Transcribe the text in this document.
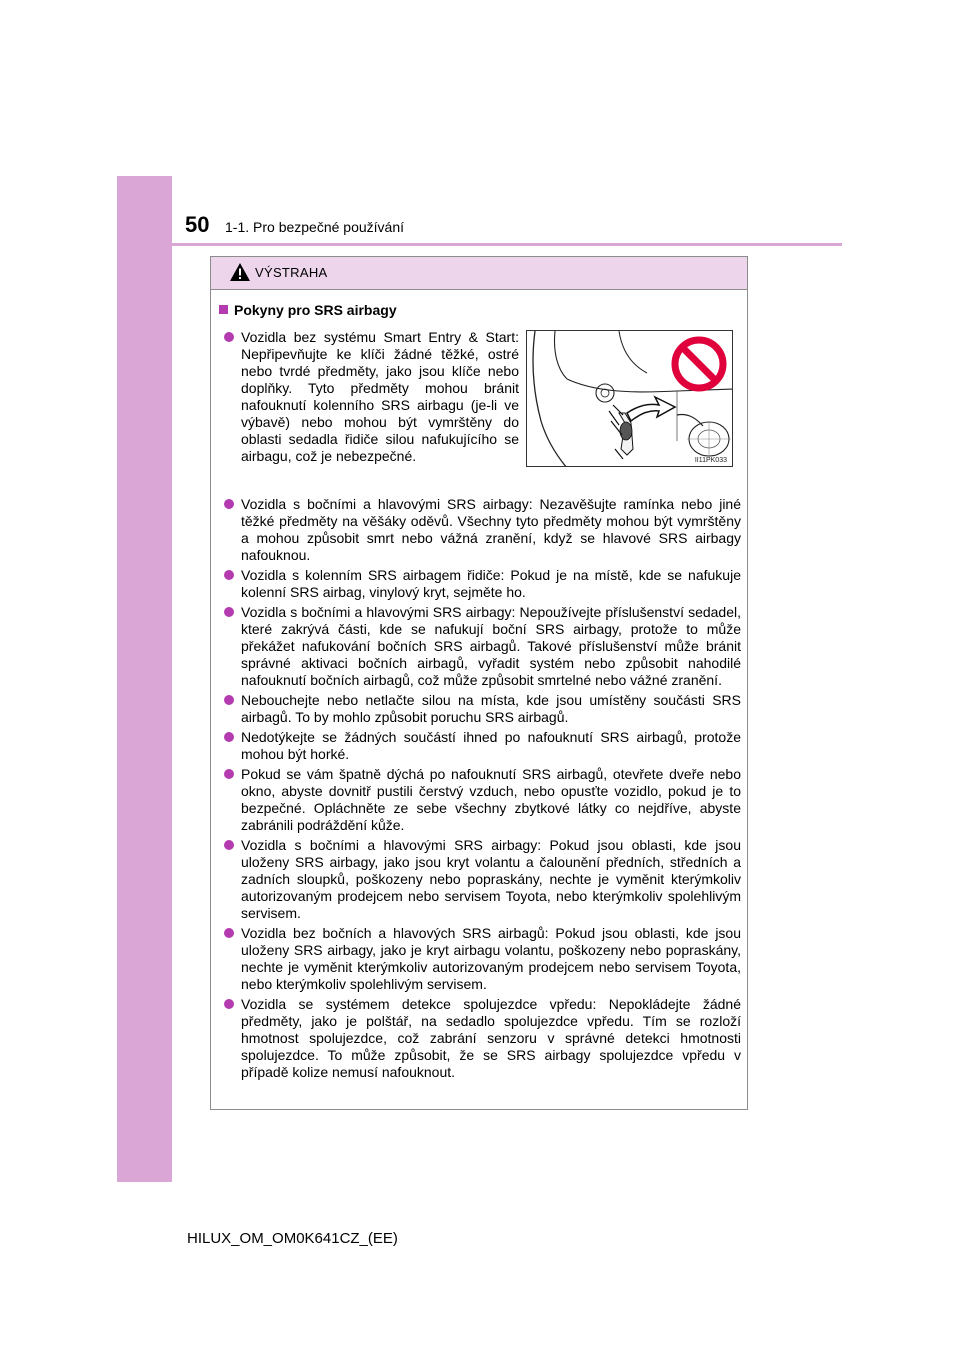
50 1-1. Pro bezpečné používání
VÝSTRAHA
Pokyny pro SRS airbagy
Vozidla bez systému Smart Entry & Start: Nepřipevňujte ke klíči žádné těžké, ostré nebo tvrdé předměty, jako jsou klíče nebo doplňky. Tyto předměty mohou bránit nafouknutí kolenního SRS airbagu (je-li ve výbavě) nebo mohou být vymrštěny do oblasti sedadla řidiče silou nafukujícího se airbagu, což je nebezpečné.
Vozidla s bočními a hlavovými SRS airbagy: Nezavěšujte ramínka nebo jiné těžké předměty na věšáky oděvů. Všechny tyto předměty mohou být vymrštěny a mohou způsobit smrt nebo vážná zranění, když se hlavové SRS airbagy nafouknou.
Vozidla s kolenním SRS airbagem řidiče: Pokud je na místě, kde se nafukuje kolenní SRS airbag, vinylový kryt, sejměte ho.
Vozidla s bočními a hlavovými SRS airbagy: Nepoužívejte příslušenství sedadel, které zakrývá části, kde se nafukují boční SRS airbagy, protože to může překážet nafukování bočních SRS airbagů. Takové příslušenství může bránit správné aktivaci bočních airbagů, vyřadit systém nebo způsobit nahodilé nafouknutí bočních airbagů, což může způsobit smrtelné nebo vážné zranění.
Nebouchejte nebo netlačte silou na místa, kde jsou umístěny součásti SRS airbagů. To by mohlo způsobit poruchu SRS airbagů.
Nedotýkejte se žádných součástí ihned po nafouknutí SRS airbagů, protože mohou být horké.
Pokud se vám špatně dýchá po nafouknutí SRS airbagů, otevřete dveře nebo okno, abyste dovnitř pustili čerstvý vzduch, nebo opusťte vozidlo, pokud je to bezpečné. Opláchněte ze sebe všechny zbytkové látky co nejdříve, abyste zabránili podráždění kůže.
Vozidla s bočními a hlavovými SRS airbagy: Pokud jsou oblasti, kde jsou uloženy SRS airbagy, jako jsou kryt volantu a čalounění předních, středních a zadních sloupků, poškozeny nebo popraskány, nechte je vyměnit kterýmkoliv autorizovaným prodejcem nebo servisem Toyota, nebo kterýmkoliv spolehlivým servisem.
Vozidla bez bočních a hlavových SRS airbagů: Pokud jsou oblasti, kde jsou uloženy SRS airbagy, jako je kryt airbagu volantu, poškozeny nebo popraskány, nechte je vyměnit kterýmkoliv autorizovaným prodejcem nebo servisem Toyota, nebo kterýmkoliv spolehlivým servisem.
Vozidla se systémem detekce spolujezdce vpředu: Nepokládejte žádné předměty, jako je polštář, na sedadlo spolujezdce vpředu. Tím se rozloží hmotnost spolujezdce, což zabrání senzoru v správné detekci hmotnosti spolujezdce. To může způsobit, že se SRS airbagy spolujezdce vpředu v případě kolize nemusí nafouknout.
II11PK033
HILUX_OM_OM0K641CZ_(EE)
